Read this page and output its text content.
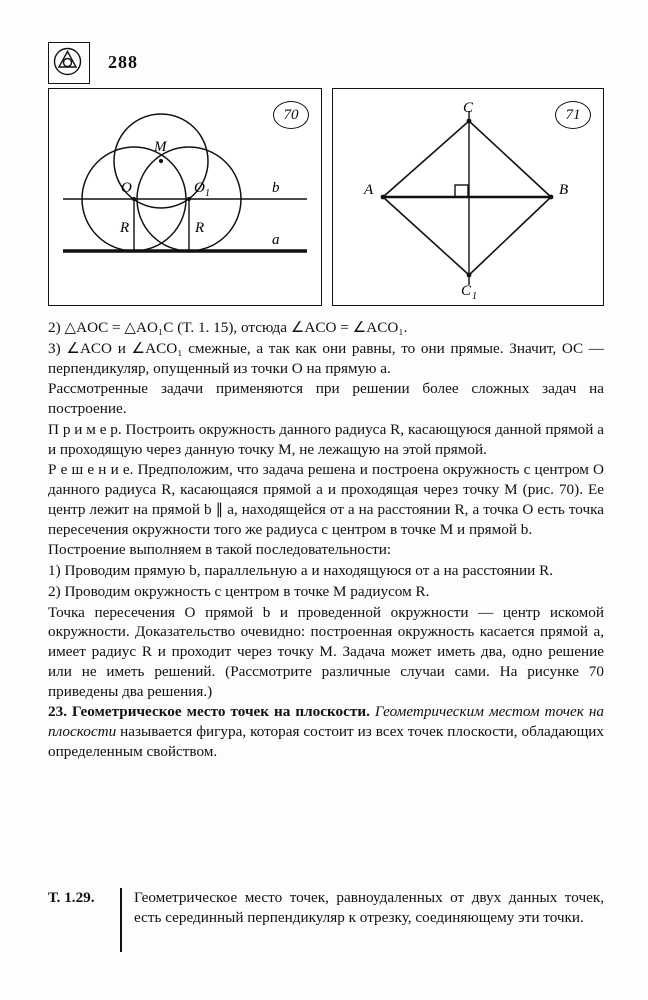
288
M
O	O 1	b
a
R	R
70	C
A	B
C 1
71

2) △AOC = △AO₁C (T. 1. 15), отсюда ∠ACO = ∠ACO₁.

3) ∠ACO и ∠ACO₁ смежные, а так как они равны, то они прямые. Значит, ОС — перпендикуляр, опущенный из точки О на прямую а.

Рассмотренные задачи применяются при решении более сложных задач на построение.

П р и м е р. Построить окружность данного радиуса R, касающуюся данной прямой а и проходящую через данную точку М, не лежащую на этой прямой.

Р е ш е н и е. Предположим, что задача решена и построена окружность с центром О данного радиуса R, касающаяся прямой а и проходящая через точку М (рис. 70). Ее центр лежит на прямой b ∥ a, находящейся от а на расстоянии R, а точка О есть точка пересечения окружности того же радиуса с центром в точке М и прямой b.

Построение выполняем в такой последовательности:

1) Проводим прямую b, параллельную а и находящуюся от а на расстоянии R.

2) Проводим окружность с центром в точке М радиусом R.

Точка пересечения О прямой b и проведенной окружности — центр искомой окружности. Доказательство очевидно: построенная окружность касается прямой а, имеет радиус R и проходит через точку М. Задача может иметь два, одно решение или не иметь решений. (Рассмотрите различные случаи сами. На рисунке 70 приведены два решения.)

23. Геометрическое место точек на плоскости. Геометрическим местом точек на плоскости называется фигура, которая состоит из всех точек плоскости, обладающих определенным свойством.

Т. 1.29.	Геометрическое место точек, равноудаленных от двух данных точек, есть серединный перпендикуляр к отрезку, соединяющему эти точки.
